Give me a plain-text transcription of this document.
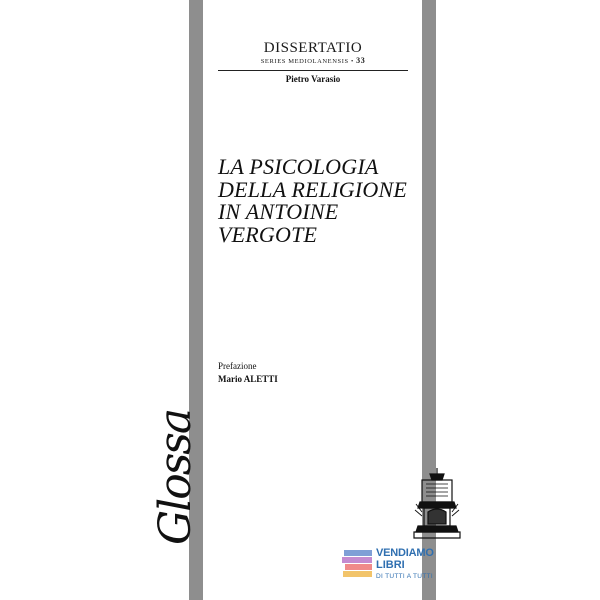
DISSERTATIO
SERIES MEDIOLANENSIS • 33
Pietro Varasio
LA PSICOLOGIA
DELLA RELIGIONE
IN ANTOINE
VERGOTE
Prefazione
Mario ALETTI
Glossa
VENDIAMO
LIBRI
DI TUTTI A TUTTI
